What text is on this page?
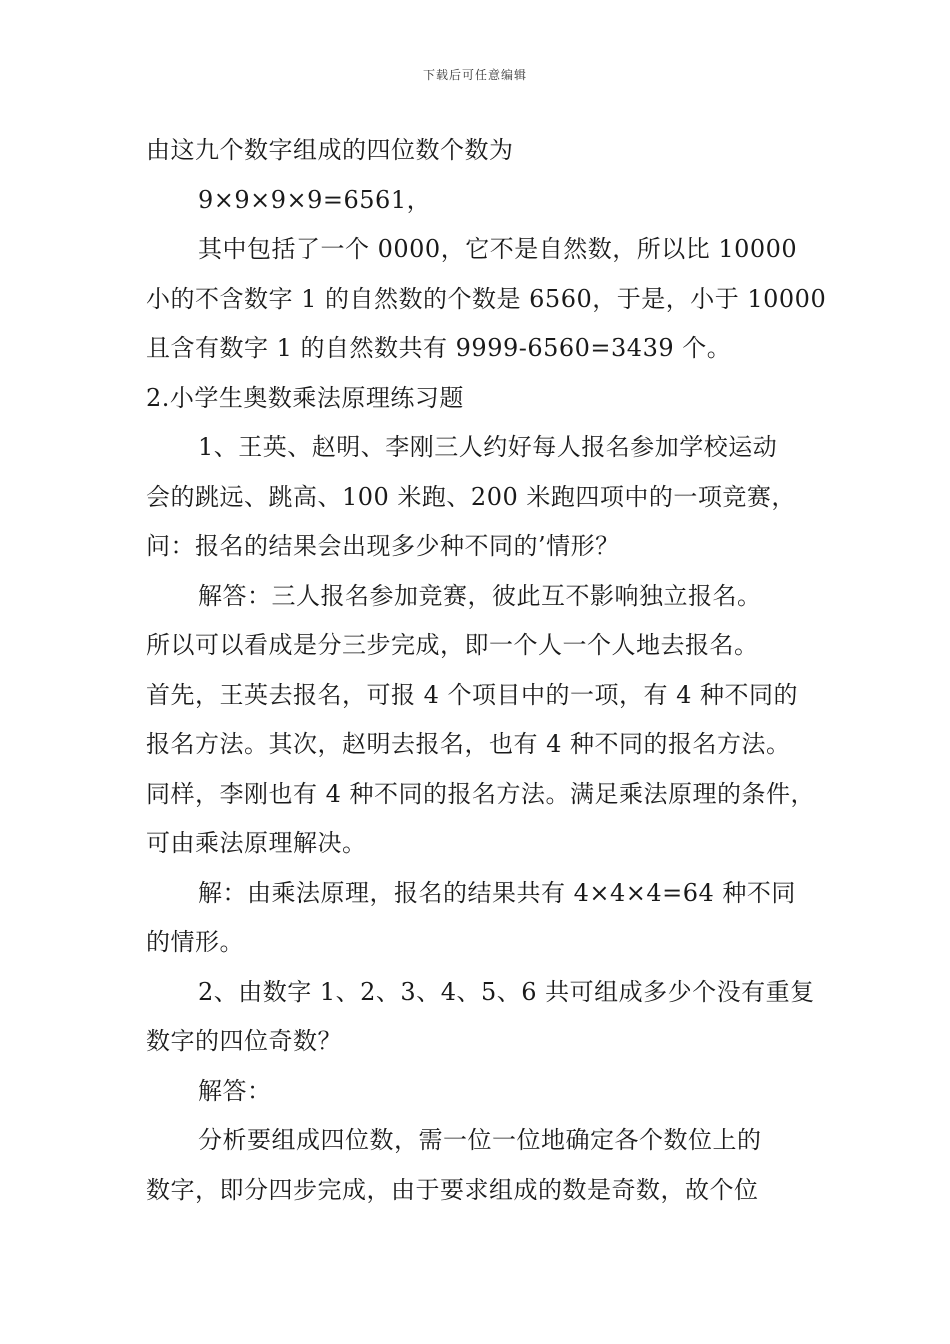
下载后可任意编辑
由这九个数字组成的四位数个数为
9×9×9×9=6561，
其中包括了一个 0000，它不是自然数，所以比 10000
小的不含数字 1 的自然数的个数是 6560，于是，小于 10000
且含有数字 1 的自然数共有 9999-6560=3439 个。
2.小学生奥数乘法原理练习题
1、王英、赵明、李刚三人约好每人报名参加学校运动
会的跳远、跳高、100 米跑、200 米跑四项中的一项竞赛，
问：报名的结果会出现多少种不同的’情形？
解答：三人报名参加竞赛，彼此互不影响独立报名。
所以可以看成是分三步完成，即一个人一个人地去报名。
首先，王英去报名，可报 4 个项目中的一项，有 4 种不同的
报名方法。其次，赵明去报名，也有 4 种不同的报名方法。
同样，李刚也有 4 种不同的报名方法。满足乘法原理的条件，
可由乘法原理解决。
解：由乘法原理，报名的结果共有 4×4×4=64 种不同
的情形。
2、由数字 1、2、3、4、5、6 共可组成多少个没有重复
数字的四位奇数？
解答：
分析要组成四位数，需一位一位地确定各个数位上的
数字，即分四步完成，由于要求组成的数是奇数，故个位
